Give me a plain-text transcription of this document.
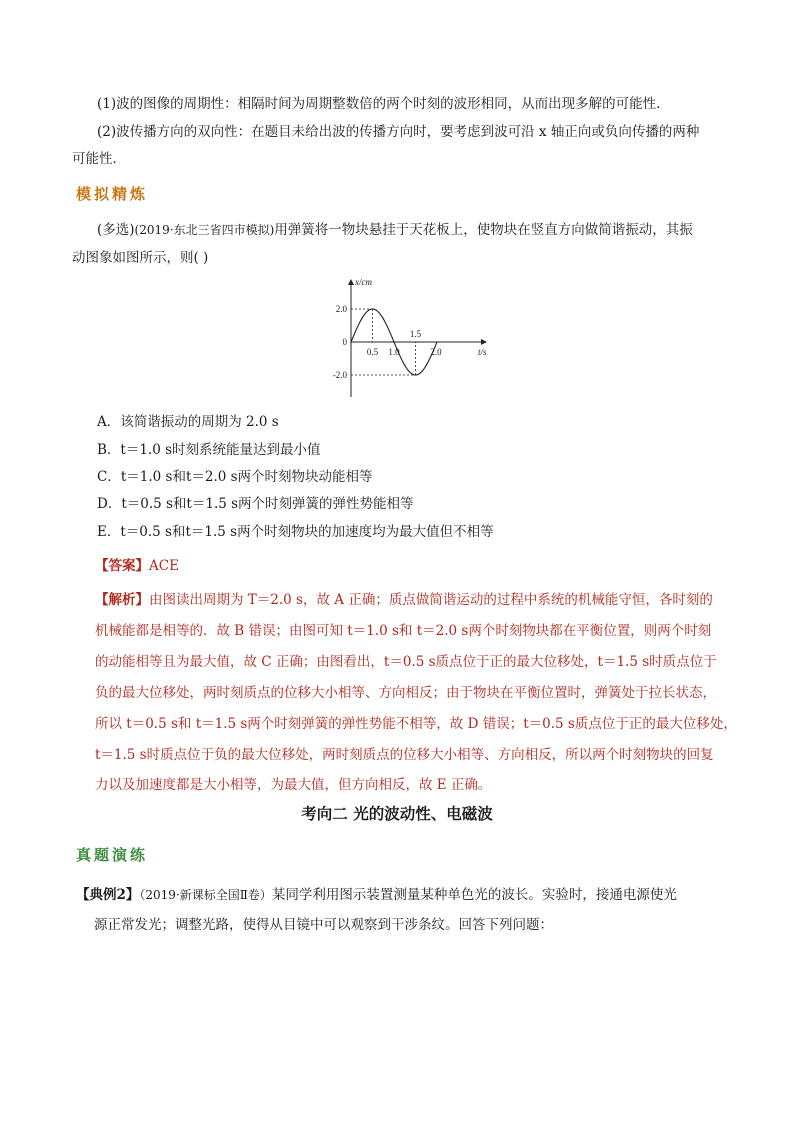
(1)波的图像的周期性：相隔时间为周期整数倍的两个时刻的波形相同，从而出现多解的可能性．
(2)波传播方向的双向性：在题目未给出波的传播方向时，要考虑到波可沿 x 轴正向或负向传播的两种
可能性．
模拟精炼
(多选)(2019·东北三省四市模拟)用弹簧将一物块悬挂于天花板上，使物块在竖直方向做简谐振动，其振
动图象如图所示，则( )
x/cm
t/s
2.0
0
-2.0
0.5 1.0
1.5
2.0
A．该简谐振动的周期为 2.0 s
B．t＝1.0 s时刻系统能量达到最小值
C．t＝1.0 s和t＝2.0 s两个时刻物块动能相等
D．t＝0.5 s和t＝1.5 s两个时刻弹簧的弹性势能相等
E．t＝0.5 s和t＝1.5 s两个时刻物块的加速度均为最大值但不相等
【答案】ACE
【解析】由图读出周期为 T＝2.0 s，故 A 正确；质点做简谐运动的过程中系统的机械能守恒，各时刻的
机械能都是相等的．故 B 错误；由图可知 t＝1.0 s和 t＝2.0 s两个时刻物块都在平衡位置，则两个时刻
的动能相等且为最大值，故 C 正确；由图看出，t＝0.5 s质点位于正的最大位移处，t＝1.5 s时质点位于
负的最大位移处，两时刻质点的位移大小相等、方向相反；由于物块在平衡位置时，弹簧处于拉长状态，
所以 t＝0.5 s和 t＝1.5 s两个时刻弹簧的弹性势能不相等，故 D 错误；t＝0.5 s质点位于正的最大位移处，
t＝1.5 s时质点位于负的最大位移处，两时刻质点的位移大小相等、方向相反，所以两个时刻物块的回复
力以及加速度都是大小相等，为最大值，但方向相反，故 E 正确。
考向二 光的波动性、电磁波
真题演练
【典例2】（2019·新课标全国Ⅱ卷）某同学利用图示装置测量某种单色光的波长。实验时，接通电源使光
源正常发光；调整光路，使得从目镜中可以观察到干涉条纹。回答下列问题：
